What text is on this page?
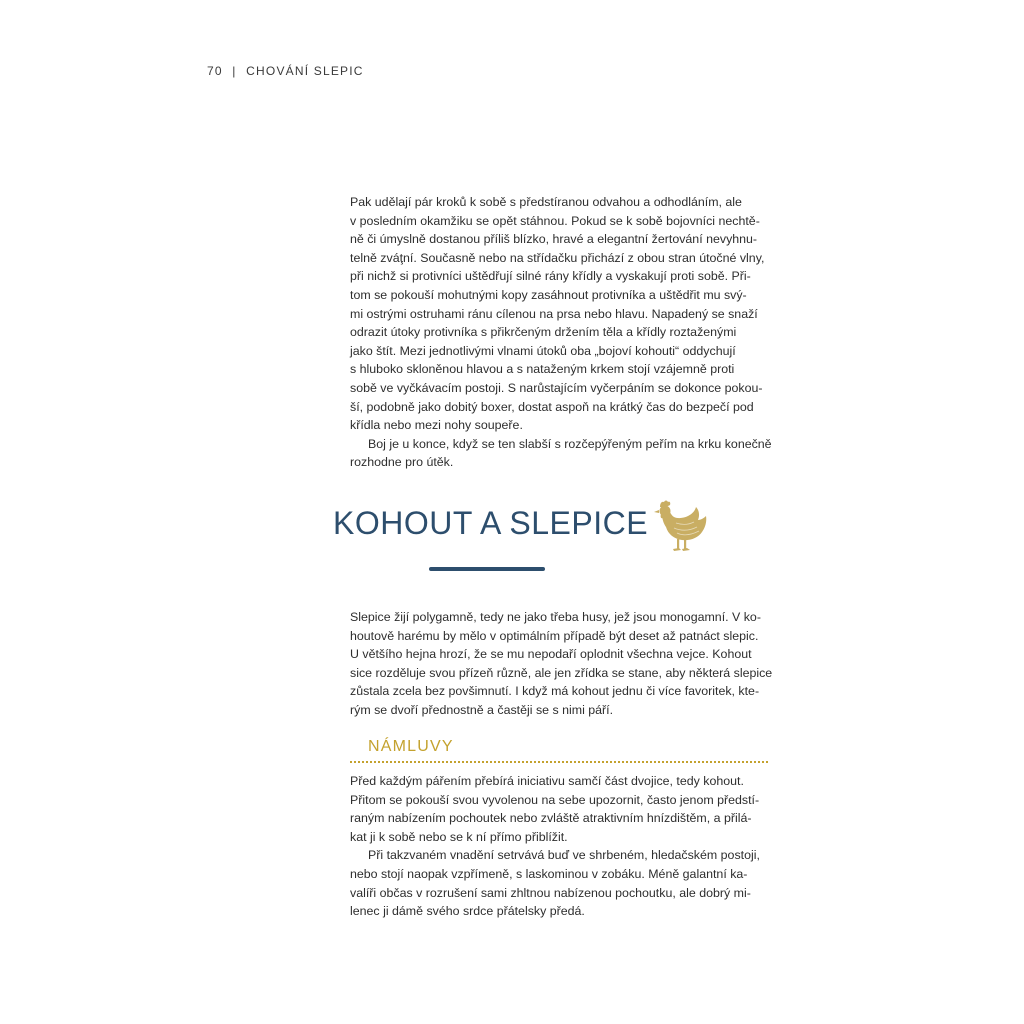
70 | CHOVÁNÍ SLEPIC
Pak udělají pár kroků k sobě s předstíranou odvahou a odhodláním, ale
v posledním okamžiku se opět stáhnou. Pokud se k sobě bojovníci nechtě-
ně či úmyslně dostanou příliš blízko, hravé a elegantní žertování nevyhnu-
telně zváţní. Současně nebo na střídačku přichází z obou stran útočné vlny,
při nichž si protivníci uštědřují silné rány křídly a vyskakují proti sobě. Při-
tom se pokouší mohutnými kopy zasáhnout protivníka a uštědřit mu svý-
mi ostrými ostruhami ránu cílenou na prsa nebo hlavu. Napadený se snaží
odrazit útoky protivníka s přikrčeným držením těla a křídly roztaženými
jako štít. Mezi jednotlivými vlnami útoků oba „bojoví kohouti“ oddychují
s hluboko skloněnou hlavou a s nataženým krkem stojí vzájemně proti
sobě ve vyčkávacím postoji. S narůstajícím vyčerpáním se dokonce pokou-
ší, podobně jako dobitý boxer, dostat aspoň na krátký čas do bezpečí pod
křídla nebo mezi nohy soupeře.
Boj je u konce, když se ten slabší s rozčepýřeným peřím na krku konečně
rozhodne pro útěk.
KOHOUT A SLEPICE
Slepice žijí polygamně, tedy ne jako třeba husy, jež jsou monogamní. V ko-
houtově harému by mělo v optimálním případě být deset až patnáct slepic.
U většího hejna hrozí, že se mu nepodaří oplodnit všechna vejce. Kohout
sice rozděluje svou přízeň různě, ale jen zřídka se stane, aby některá slepice
zůstala zcela bez povšimnutí. I když má kohout jednu či více favoritek, kte-
rým se dvoří přednostně a častěji se s nimi páří.
NÁMLUVY
Před každým pářením přebírá iniciativu samčí část dvojice, tedy kohout.
Přitom se pokouší svou vyvolenou na sebe upozornit, často jenom předstí-
raným nabízením pochoutek nebo zvláště atraktivním hnízdištěm, a přilá-
kat ji k sobě nebo se k ní přímo přiblížit.
Při takzvaném vnadění setrvává buď ve shrbeném, hledačském postoji,
nebo stojí naopak vzpřímeně, s laskominou v zobáku. Méně galantní ka-
valíři občas v rozrušení sami zhltnou nabízenou pochoutku, ale dobrý mi-
lenec ji dámě svého srdce přátelsky předá.
